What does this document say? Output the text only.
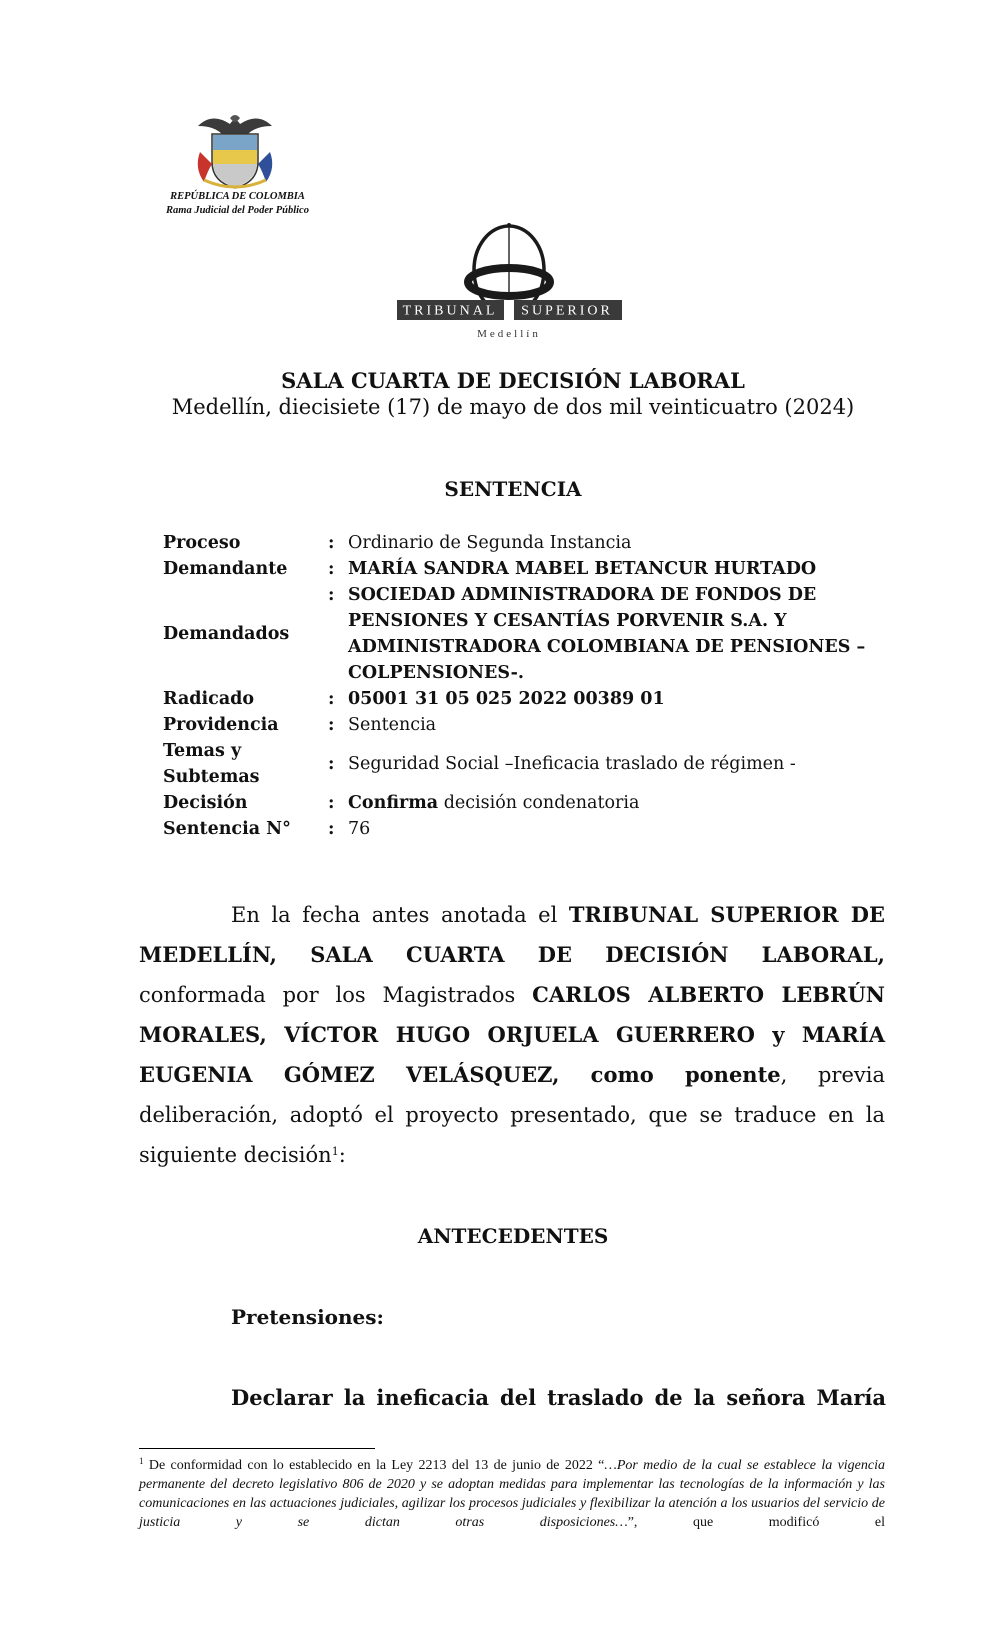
REPÚBLICA DE COLOMBIA
Rama Judicial del Poder Público
TRIBUNAL SUPERIOR
Medellín
SALA CUARTA DE DECISIÓN LABORAL
Medellín, diecisiete (17) de mayo de dos mil veinticuatro (2024)
SENTENCIA
Proceso	:	Ordinario de Segunda Instancia
Demandante	:	MARÍA SANDRA MABEL BETANCUR HURTADO
Demandados	:	SOCIEDAD ADMINISTRADORA DE FONDOS DE PENSIONES Y CESANTÍAS PORVENIR S.A. Y ADMINISTRADORA COLOMBIANA DE PENSIONES – COLPENSIONES-.
Radicado	:	05001 31 05 025 2022 00389 01
Providencia	:	Sentencia
Temas y Subtemas	:	Seguridad Social –Ineficacia traslado de régimen -
Decisión	:	Confirma decisión condenatoria
Sentencia N°	:	76

En la fecha antes anotada el TRIBUNAL SUPERIOR DE MEDELLÍN, SALA CUARTA DE DECISIÓN LABORAL, conformada por los Magistrados CARLOS ALBERTO LEBRÚN MORALES, VÍCTOR HUGO ORJUELA GUERRERO y MARÍA EUGENIA GÓMEZ VELÁSQUEZ, como ponente, previa deliberación, adoptó el proyecto presentado, que se traduce en la siguiente decisión$^1$:

ANTECEDENTES
Pretensiones:
Declarar la ineficacia del traslado de la señora María
$^1$ De conformidad con lo establecido en la Ley 2213 del 13 de junio de 2022 “…Por medio de la cual se establece la vigencia permanente del decreto legislativo 806 de 2020 y se adoptan medidas para implementar las tecnologías de la información y las comunicaciones en las actuaciones judiciales, agilizar los procesos judiciales y flexibilizar la atención a los usuarios del servicio de justicia y se dictan otras disposiciones…”, que modificó el
